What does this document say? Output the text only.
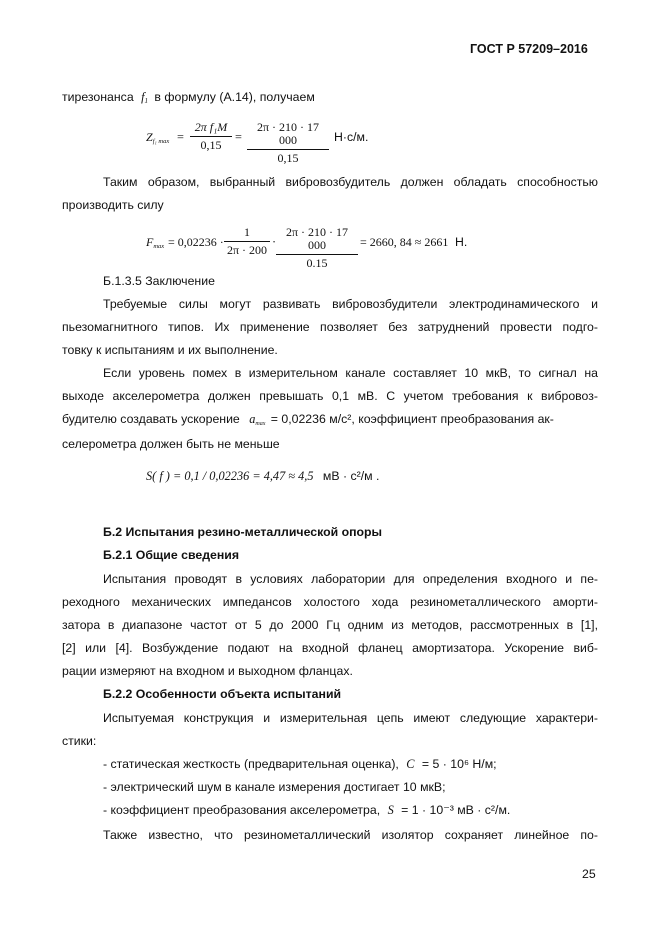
ГОСТ Р 57209–2016
тирезонанса $f_1$ в формулу (А.14), получаем
$Z_{f_1 max}$ =
2π f₁M
0,15
=
2π · 210 · 17 000
0,15
Н·с/м.
Таким образом, выбранный вибровозбудитель должен обладать способностью
производить силу
$F_{max} = 0,02236$ ·
1
2π · 200
·
2π · 210 · 17 000
0.15
= 2660, 84 ≈ 2661 Н.
Б.1.3.5 Заключение
Требуемые силы могут развивать вибровозбудители электродинамического и
пьезомагнитного типов. Их применение позволяет без затруднений провести подго-
товку к испытаниям и их выполнение.
Если уровень помех в измерительном канале составляет 10 мкВ, то сигнал на
выходе акселерометра должен превышать 0,1 мВ. С учетом требования к вибровоз-
будителю создавать ускорение $a_{max} = 0,02236$ м/с², коэффициент преобразования ак-
селерометра должен быть не меньше
S( f ) = 0,1 / 0,02236 = 4,47 ≈ 4,5 мВ · с²/м .
Б.2 Испытания резино-металлической опоры
Б.2.1 Общие сведения
Испытания проводят в условиях лаборатории для определения входного и пе-
реходного механических импедансов холостого хода резинометаллического аморти-
затора в диапазоне частот от 5 до 2000 Гц одним из методов, рассмотренных в [1],
[2] или [4]. Возбуждение подают на входной фланец амортизатора. Ускорение виб-
рации измеряют на входном и выходном фланцах.
Б.2.2 Особенности объекта испытаний
Испытуемая конструкция и измерительная цепь имеют следующие характери-
стики:
- статическая жесткость (предварительная оценка), C = 5 · 10⁶ Н/м;
- электрический шум в канале измерения достигает 10 мкВ;
- коэффициент преобразования акселерометра, S = 1 · 10⁻³ мВ · с²/м.
Также известно, что резинометаллический изолятор сохраняет линейное по-
25
